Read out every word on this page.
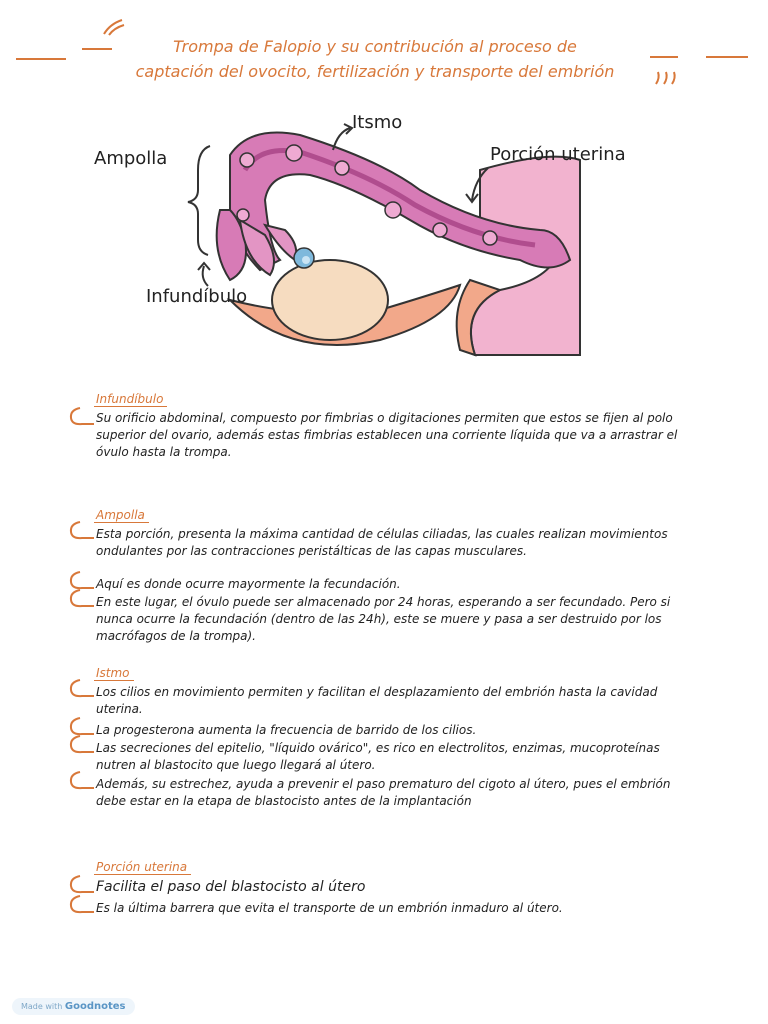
Trompa de Falopio y su contribución al proceso de
captación del ovocito, fertilización y transporte del embrión
Ampolla
Itsmo
Porción uterina
Infundíbulo
Infundíbulo
Su orificio abdominal, compuesto por fimbrias o digitaciones permiten que estos se fijen al polo superior del ovario, además estas fimbrias establecen una corriente líquida que va a arrastrar el óvulo hasta la trompa.
Ampolla
Esta porción, presenta la máxima cantidad de células ciliadas, las cuales realizan movimientos ondulantes por las contracciones peristálticas de las capas musculares.
Aquí es donde ocurre mayormente la fecundación.
En este lugar, el óvulo puede ser almacenado por 24 horas, esperando a ser fecundado. Pero si nunca ocurre la fecundación (dentro de las 24h), este se muere y pasa a ser destruido por los macrófagos de la trompa).
Istmo
Los cilios en movimiento permiten y facilitan el desplazamiento del embrión hasta la cavidad uterina.
La progesterona aumenta la frecuencia de barrido de los cilios.
Las secreciones del epitelio, "líquido ovárico", es rico en electrolitos, enzimas, mucoproteínas nutren al blastocito que luego llegará al útero.
Además, su estrechez, ayuda a prevenir el paso prematuro del cigoto al útero, pues el embrión debe estar en la etapa de blastocisto antes de la implantación
Porción uterina
Facilita el paso del blastocisto al útero
Es la última barrera que evita el transporte de un embrión inmaduro al útero.
Made with Goodnotes
